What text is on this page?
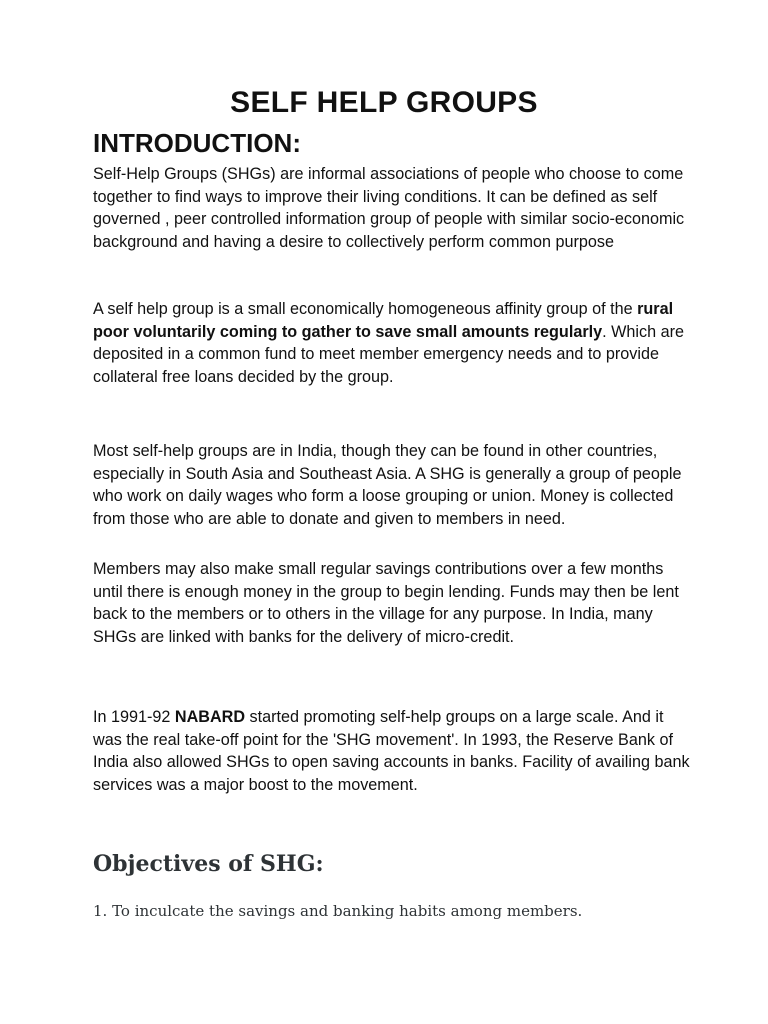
SELF HELP GROUPS
INTRODUCTION:

Self-Help Groups (SHGs) are informal associations of people who choose to come together to find ways to improve their living conditions. It can be defined as self governed , peer controlled information group of people with similar socio-economic background and having a desire to collectively perform common purpose

A self help group is a small economically homogeneous affinity group of the rural poor voluntarily coming to gather to save small amounts regularly. Which are deposited in a common fund to meet member emergency needs and to provide collateral free loans decided by the group.

Most self-help groups are in India, though they can be found in other countries, especially in South Asia and Southeast Asia. A SHG is generally a group of people who work on daily wages who form a loose grouping or union. Money is collected from those who are able to donate and given to members in need.

Members may also make small regular savings contributions over a few months until there is enough money in the group to begin lending. Funds may then be lent back to the members or to others in the village for any purpose. In India, many SHGs are linked with banks for the delivery of micro-credit.

In 1991-92 NABARD started promoting self-help groups on a large scale. And it was the real take-off point for the 'SHG movement'. In 1993, the Reserve Bank of India also allowed SHGs to open saving accounts in banks. Facility of availing bank services was a major boost to the movement.

Objectives of SHG:
1. To inculcate the savings and banking habits among members.
